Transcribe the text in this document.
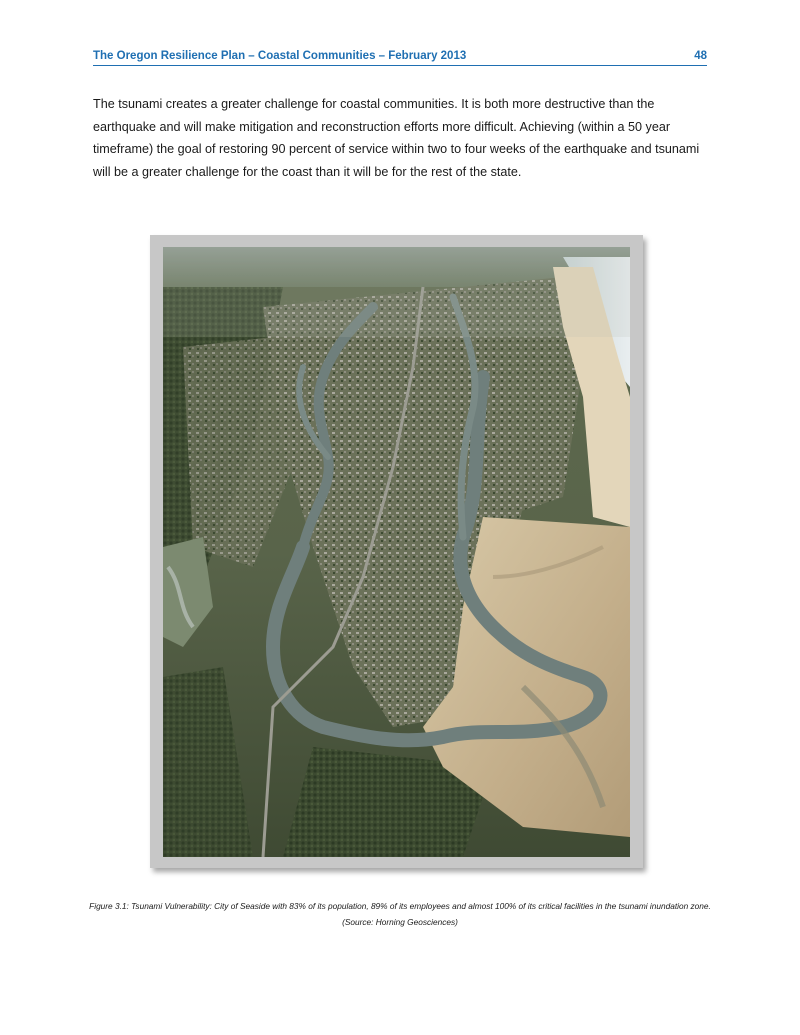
The Oregon Resilience Plan – Coastal Communities – February 2013	48
The tsunami creates a greater challenge for coastal communities. It is both more destructive than the earthquake and will make mitigation and reconstruction efforts more difficult. Achieving (within a 50 year timeframe) the goal of restoring 90 percent of service within two to four weeks of the earthquake and tsunami will be a greater challenge for the coast than it will be for the rest of the state.
Figure 3.1: Tsunami Vulnerability: City of Seaside with 83% of its population, 89% of its employees and almost 100% of its critical facilities in the tsunami inundation zone. (Source: Horning Geosciences)
